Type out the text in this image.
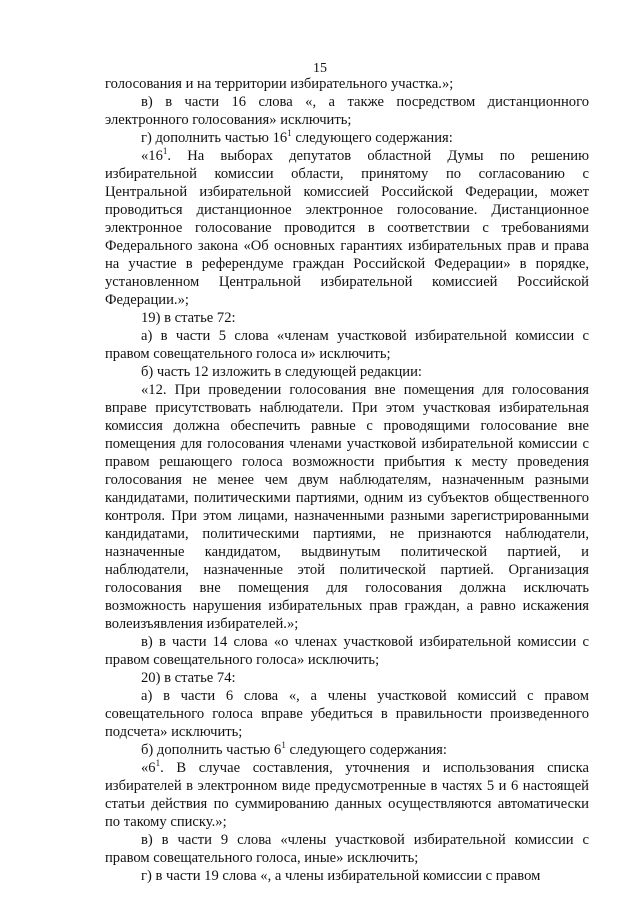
15

голосования и на территории избирательного участка.»;

в) в части 16 слова «, а также посредством дистанционного электронного голосования» исключить;

г) дополнить частью $16^1$ следующего содержания:

«$16^1$. На выборах депутатов областной Думы по решению избирательной комиссии области, принятому по согласованию с Центральной избирательной комиссией Российской Федерации, может проводиться дистанционное электронное голосование. Дистанционное электронное голосование проводится в соответствии с требованиями Федерального закона «Об основных гарантиях избирательных прав и права на участие в референдуме граждан Российской Федерации» в порядке, установленном Центральной избирательной комиссией Российской Федерации.»;

19) в статье 72:

а) в части 5 слова «членам участковой избирательной комиссии с правом совещательного голоса и» исключить;

б) часть 12 изложить в следующей редакции:

«12. При проведении голосования вне помещения для голосования вправе присутствовать наблюдатели. При этом участковая избирательная комиссия должна обеспечить равные с проводящими голосование вне помещения для голосования членами участковой избирательной комиссии с правом решающего голоса возможности прибытия к месту проведения голосования не менее чем двум наблюдателям, назначенным разными кандидатами, политическими партиями, одним из субъектов общественного контроля. При этом лицами, назначенными разными зарегистрированными кандидатами, политическими партиями, не признаются наблюдатели, назначенные кандидатом, выдвинутым политической партией, и наблюдатели, назначенные этой политической партией. Организация голосования вне помещения для голосования должна исключать возможность нарушения избирательных прав граждан, а равно искажения волеизъявления избирателей.»;

в) в части 14 слова «о членах участковой избирательной комиссии с правом совещательного голоса» исключить;

20) в статье 74:

а) в части 6 слова «, а члены участковой комиссий с правом совещательного голоса вправе убедиться в правильности произведенного подсчета» исключить;

б) дополнить частью $6^1$ следующего содержания:

«$6^1$. В случае составления, уточнения и использования списка избирателей в электронном виде предусмотренные в частях 5 и 6 настоящей статьи действия по суммированию данных осуществляются автоматически по такому списку.»;

в) в части 9 слова «члены участковой избирательной комиссии с правом совещательного голоса, иные» исключить;

г) в части 19 слова «, а члены избирательной комиссии с правом
